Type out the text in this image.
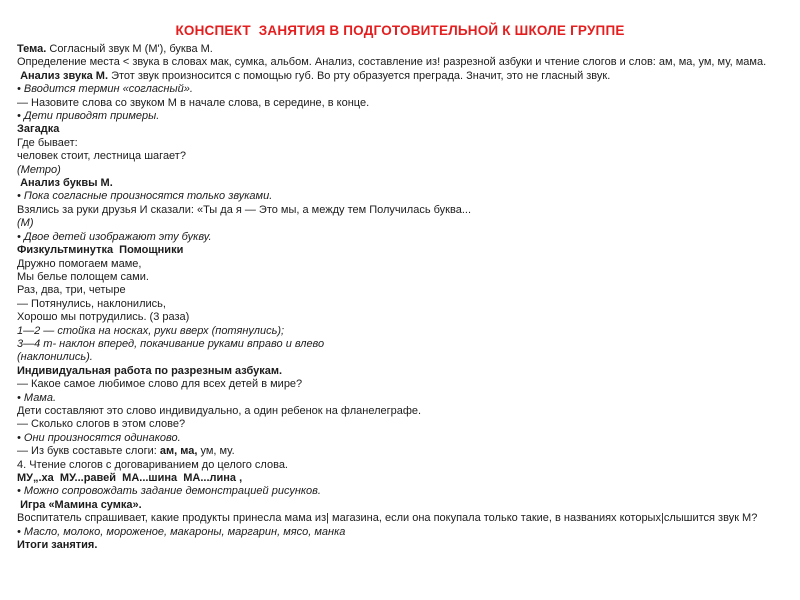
КОНСПЕКТ  ЗАНЯТИЯ В ПОДГОТОВИТЕЛЬНОЙ К ШКОЛЕ ГРУППЕ
Тема. Согласный звук М (М'), буква М.
Определение места < звука в словах мак, сумка, альбом. Анализ, составление из! разрезной азбуки и чтение слогов и слов: ам, ма, ум, му, мама.
Анализ звука М. Этот звук произносится с помощью губ. Во рту образуется преграда. Значит, это не гласный звук.
• Вводится термин «согласный».
— Назовите слова со звуком М в начале слова, в середине, в конце.
• Дети приводят примеры.
Загадка
Где бывает:
человек стоит, лестница шагает?
(Метро)
Анализ буквы М.
• Пока согласные произносятся только звуками.
Взялись за руки друзья И сказали: «Ты да я — Это мы, а между тем Получилась буква...
(М)
• Двое детей изображают эту букву.
Физкультминутка  Помощники
Дружно помогаем маме,
Мы белье полощем сами.
Раз, два, три, четыре
— Потянулись, наклонились,
Хорошо мы потрудились. (3 раза)
1—2 — стойка на носках, руки вверх (потянулись);
3—4 т- наклон вперед, покачивание руками вправо и влево
(наклонились).
Индивидуальная работа по разрезным азбукам.
— Какое самое любимое слово для всех детей в мире?
• Мама.
Дети составляют это слово индивидуально, а один ребенок на фланелеграфе.
— Сколько слогов в этом слове?
• Они произносятся одинаково.
— Из букв составьте слоги: ам, ма, ум, му.
4. Чтение слогов с договариванием до целого слова.
МУ„.ха  МУ...равей  МА...шина  МА...лина ,
• Можно сопровождать задание демонстрацией рисунков.
Игра «Мамина сумка».
Воспитатель спрашивает, какие продукты принесла мама из| магазина, если она покупала только такие, в названиях которых|слышится звук М?
• Масло, молоко, мороженое, макароны, маргарин, мясо, манка
Итоги занятия.
